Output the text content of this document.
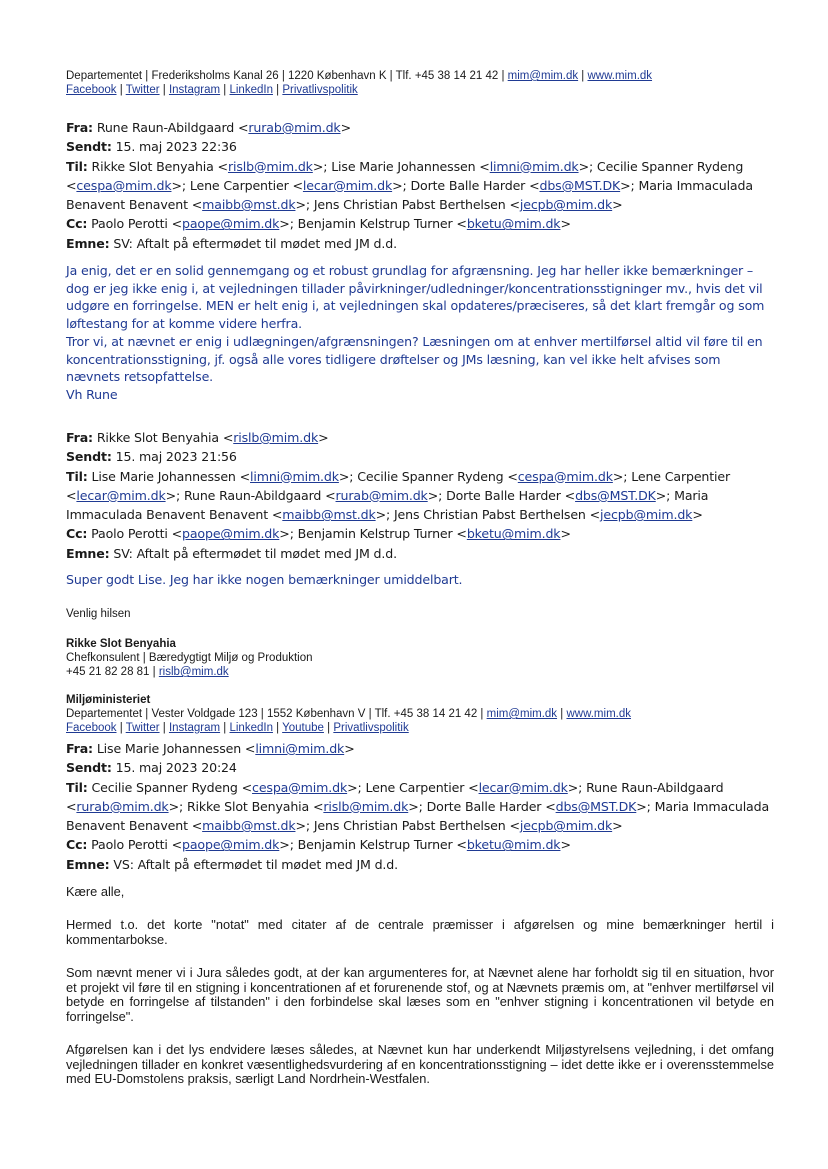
Departementet | Frederiksholms Kanal 26 | 1220 København K | Tlf. +45 38 14 21 42 | mim@mim.dk | www.mim.dk
Facebook | Twitter | Instagram | LinkedIn | Privatlivspolitik
Fra: Rune Raun-Abildgaard <rurab@mim.dk>
Sendt: 15. maj 2023 22:36
Til: Rikke Slot Benyahia <rislb@mim.dk>; Lise Marie Johannessen <limni@mim.dk>; Cecilie Spanner Rydeng
<cespa@mim.dk>; Lene Carpentier <lecar@mim.dk>; Dorte Balle Harder <dbs@MST.DK>; Maria Immaculada Benavent Benavent <maibb@mst.dk>; Jens Christian Pabst Berthelsen <jecpb@mim.dk>
Cc: Paolo Perotti <paope@mim.dk>; Benjamin Kelstrup Turner <bketu@mim.dk>
Emne: SV: Aftalt på eftermødet til mødet med JM d.d.

Ja enig, det er en solid gennemgang og et robust grundlag for afgrænsning. Jeg har heller ikke bemærkninger – dog er jeg ikke enig i, at vejledningen tillader påvirkninger/udledninger/koncentrationsstigninger mv., hvis det vil udgøre en forringelse. MEN er helt enig i, at vejledningen skal opdateres/præciseres, så det klart fremgår og som løftestang for at komme videre herfra.

Tror vi, at nævnet er enig i udlægningen/afgrænsningen? Læsningen om at enhver mertilførsel altid vil føre til en koncentrationsstigning, jf. også alle vores tidligere drøftelser og JMs læsning, kan vel ikke helt afvises som nævnets retsopfattelse.

Vh Rune

Fra: Rikke Slot Benyahia <rislb@mim.dk>
Sendt: 15. maj 2023 21:56
Til: Lise Marie Johannessen <limni@mim.dk>; Cecilie Spanner Rydeng <cespa@mim.dk>; Lene Carpentier
<lecar@mim.dk>; Rune Raun-Abildgaard <rurab@mim.dk>; Dorte Balle Harder <dbs@MST.DK>; Maria Immaculada Benavent Benavent <maibb@mst.dk>; Jens Christian Pabst Berthelsen <jecpb@mim.dk>
Cc: Paolo Perotti <paope@mim.dk>; Benjamin Kelstrup Turner <bketu@mim.dk>
Emne: SV: Aftalt på eftermødet til mødet med JM d.d.
Super godt Lise. Jeg har ikke nogen bemærkninger umiddelbart.
Venlig hilsen
Rikke Slot Benyahia
Chefkonsulent | Bæredygtigt Miljø og Produktion
+45 21 82 28 81 | rislb@mim.dk
Miljøministeriet
Departementet | Vester Voldgade 123 | 1552 København V | Tlf. +45 38 14 21 42 | mim@mim.dk | www.mim.dk
Facebook | Twitter | Instagram | LinkedIn | Youtube | Privatlivspolitik
Fra: Lise Marie Johannessen <limni@mim.dk>
Sendt: 15. maj 2023 20:24
Til: Cecilie Spanner Rydeng <cespa@mim.dk>; Lene Carpentier <lecar@mim.dk>; Rune Raun-Abildgaard
<rurab@mim.dk>; Rikke Slot Benyahia <rislb@mim.dk>; Dorte Balle Harder <dbs@MST.DK>; Maria Immaculada Benavent Benavent <maibb@mst.dk>; Jens Christian Pabst Berthelsen <jecpb@mim.dk>
Cc: Paolo Perotti <paope@mim.dk>; Benjamin Kelstrup Turner <bketu@mim.dk>
Emne: VS: Aftalt på eftermødet til mødet med JM d.d.
Kære alle,
Hermed t.o. det korte "notat" med citater af de centrale præmisser i afgørelsen og mine bemærkninger hertil i kommentarbokse.
Som nævnt mener vi i Jura således godt, at der kan argumenteres for, at Nævnet alene har forholdt sig til en situation, hvor et projekt vil føre til en stigning i koncentrationen af et forurenende stof, og at Nævnets præmis om, at "enhver mertilførsel vil betyde en forringelse af tilstanden" i den forbindelse skal læses som en "enhver stigning i koncentrationen vil betyde en forringelse".
Afgørelsen kan i det lys endvidere læses således, at Nævnet kun har underkendt Miljøstyrelsens vejledning, i det omfang vejledningen tillader en konkret væsentlighedsvurdering af en koncentrationsstigning – idet dette ikke er i overensstemmelse med EU-Domstolens praksis, særligt Land Nordrhein-Westfalen.
